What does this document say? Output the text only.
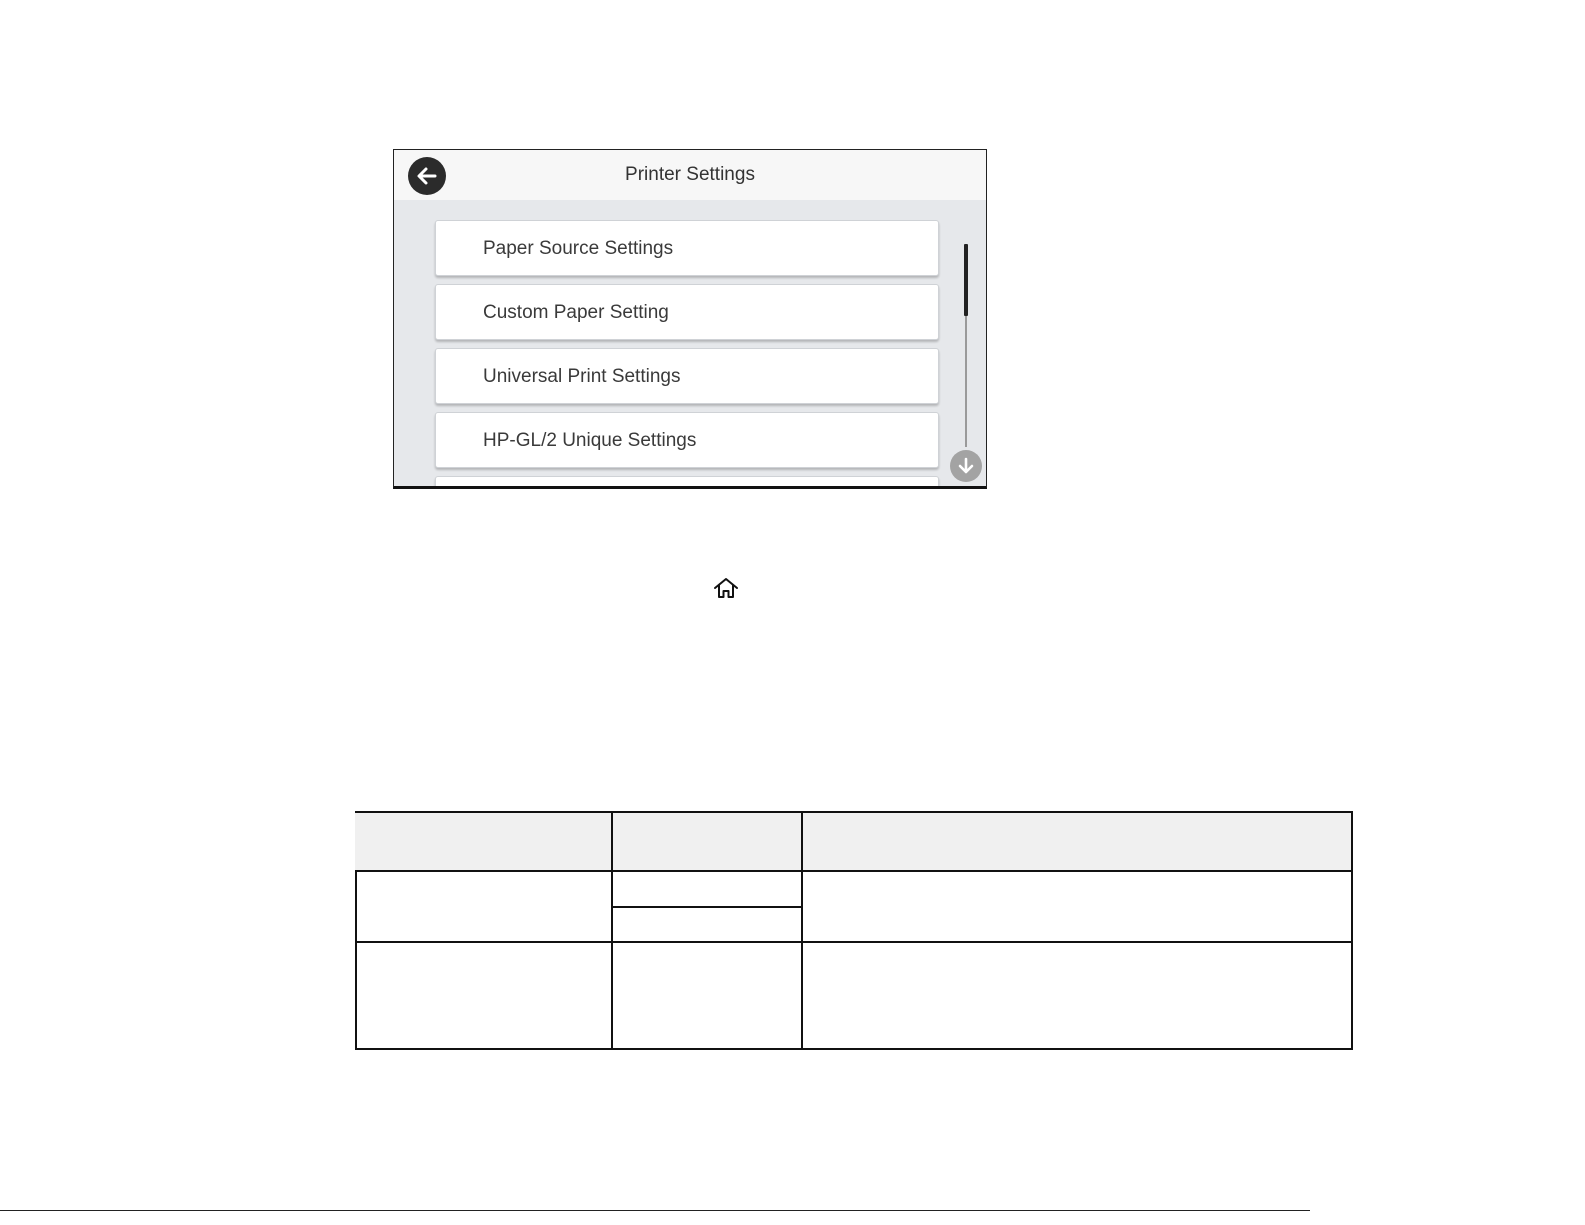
Printer Settings
Paper Source Settings
Custom Paper Setting
Universal Print Settings
HP-GL/2 Unique Settings
